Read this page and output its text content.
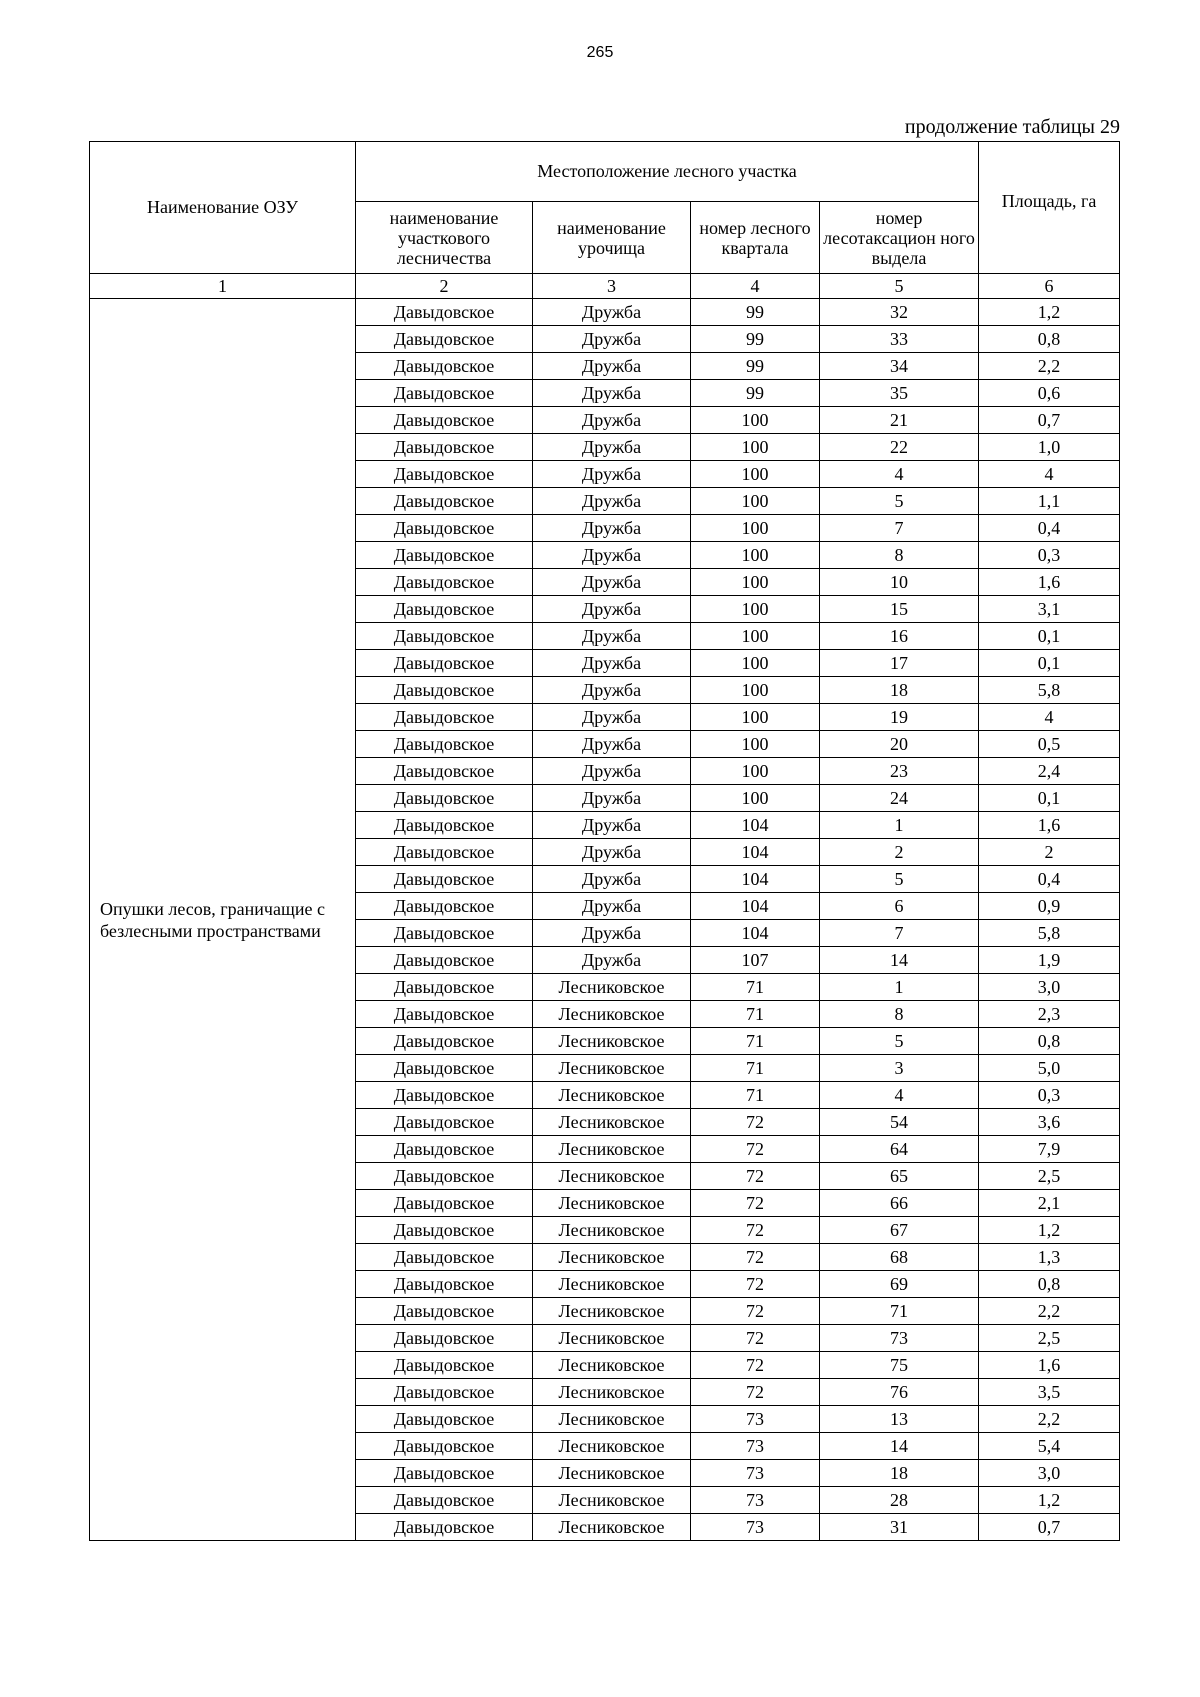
265
продолжение таблицы 29
Наименование ОЗУ	Местоположение лесного участка				Площадь, га
	наименование участкового лесничества	наименование урочища	номер лесного квартала	номер лесотаксацион ного выдела	
1	2	3	4	5	6
Опушки лесов, граничащие с безлесными пространствами	Давыдовское	Дружба	99	32	1,2
	Давыдовское	Дружба	99	33	0,8
	Давыдовское	Дружба	99	34	2,2
	Давыдовское	Дружба	99	35	0,6
	Давыдовское	Дружба	100	21	0,7
	Давыдовское	Дружба	100	22	1,0
	Давыдовское	Дружба	100	4	4
	Давыдовское	Дружба	100	5	1,1
	Давыдовское	Дружба	100	7	0,4
	Давыдовское	Дружба	100	8	0,3
	Давыдовское	Дружба	100	10	1,6
	Давыдовское	Дружба	100	15	3,1
	Давыдовское	Дружба	100	16	0,1
	Давыдовское	Дружба	100	17	0,1
	Давыдовское	Дружба	100	18	5,8
	Давыдовское	Дружба	100	19	4
	Давыдовское	Дружба	100	20	0,5
	Давыдовское	Дружба	100	23	2,4
	Давыдовское	Дружба	100	24	0,1
	Давыдовское	Дружба	104	1	1,6
	Давыдовское	Дружба	104	2	2
	Давыдовское	Дружба	104	5	0,4
	Давыдовское	Дружба	104	6	0,9
	Давыдовское	Дружба	104	7	5,8
	Давыдовское	Дружба	107	14	1,9
	Давыдовское	Лесниковское	71	1	3,0
	Давыдовское	Лесниковское	71	8	2,3
	Давыдовское	Лесниковское	71	5	0,8
	Давыдовское	Лесниковское	71	3	5,0
	Давыдовское	Лесниковское	71	4	0,3
	Давыдовское	Лесниковское	72	54	3,6
	Давыдовское	Лесниковское	72	64	7,9
	Давыдовское	Лесниковское	72	65	2,5
	Давыдовское	Лесниковское	72	66	2,1
	Давыдовское	Лесниковское	72	67	1,2
	Давыдовское	Лесниковское	72	68	1,3
	Давыдовское	Лесниковское	72	69	0,8
	Давыдовское	Лесниковское	72	71	2,2
	Давыдовское	Лесниковское	72	73	2,5
	Давыдовское	Лесниковское	72	75	1,6
	Давыдовское	Лесниковское	72	76	3,5
	Давыдовское	Лесниковское	73	13	2,2
	Давыдовское	Лесниковское	73	14	5,4
	Давыдовское	Лесниковское	73	18	3,0
	Давыдовское	Лесниковское	73	28	1,2
	Давыдовское	Лесниковское	73	31	0,7
